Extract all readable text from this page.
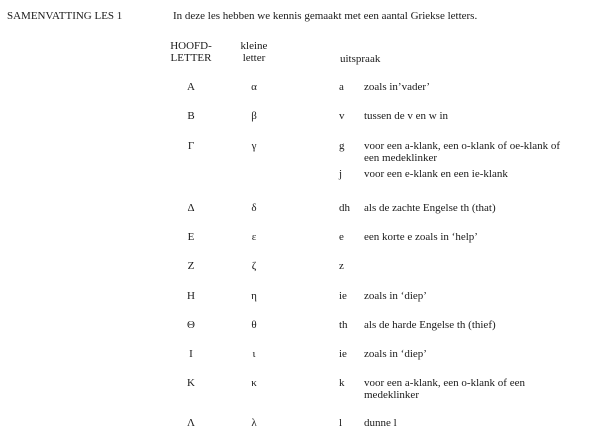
SAMENVATTING LES 1	In deze les hebben we kennis gemaakt met een aantal Griekse letters.
HOOFD-
LETTER
kleine
letter	uitspraak
Α	α	a zoals in’vader’
Β	β	v tussen de v en w in
Γ	γ	g voor een a-klank, een o-klank of oe-klank of
een medeklinker
j voor een e-klank en een ie-klank
Δ	δ	dh als de zachte Engelse th (that)
Ε	ε	e een korte e zoals in ‘help’
Ζ	ζ	z
Η	η	ie zoals in ‘diep’
Θ	θ	th als de harde Engelse th (thief)
Ι	ι	ie zoals in ‘diep’
Κ	κ	k voor een a-klank, een o-klank of een
medeklinker
Λ	λ	l dunne l
